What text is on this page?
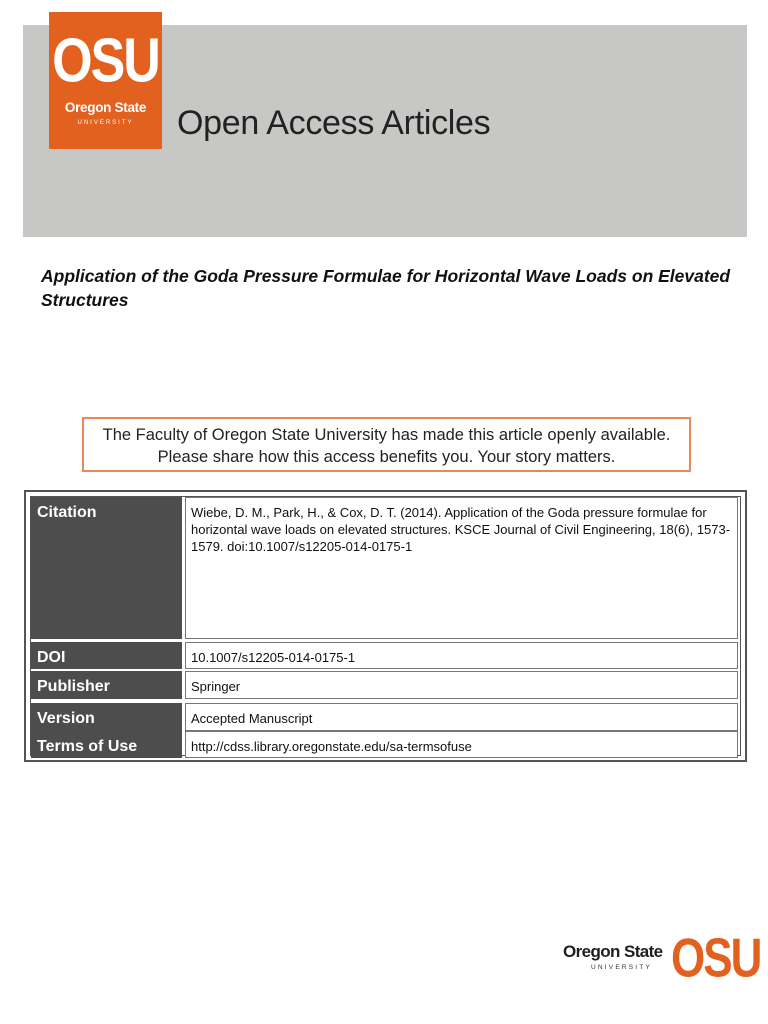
OSU
Oregon State
UNIVERSITY	Open Access Articles
Application of the Goda Pressure Formulae for Horizontal Wave Loads on Elevated Structures
The Faculty of Oregon State University has made this article openly available.
Please share how this access benefits you. Your story matters.
Citation	Wiebe, D. M., Park, H., & Cox, D. T. (2014). Application of the Goda pressure formulae for horizontal wave loads on elevated structures. KSCE Journal of Civil Engineering, 18(6), 1573-1579. doi:10.1007/s12205-014-0175-1
DOI	10.1007/s12205-014-0175-1
Publisher	Springer
Version	Accepted Manuscript
Terms of Use	http://cdss.library.oregonstate.edu/sa-termsofuse
Oregon State
UNIVERSITY OSU
